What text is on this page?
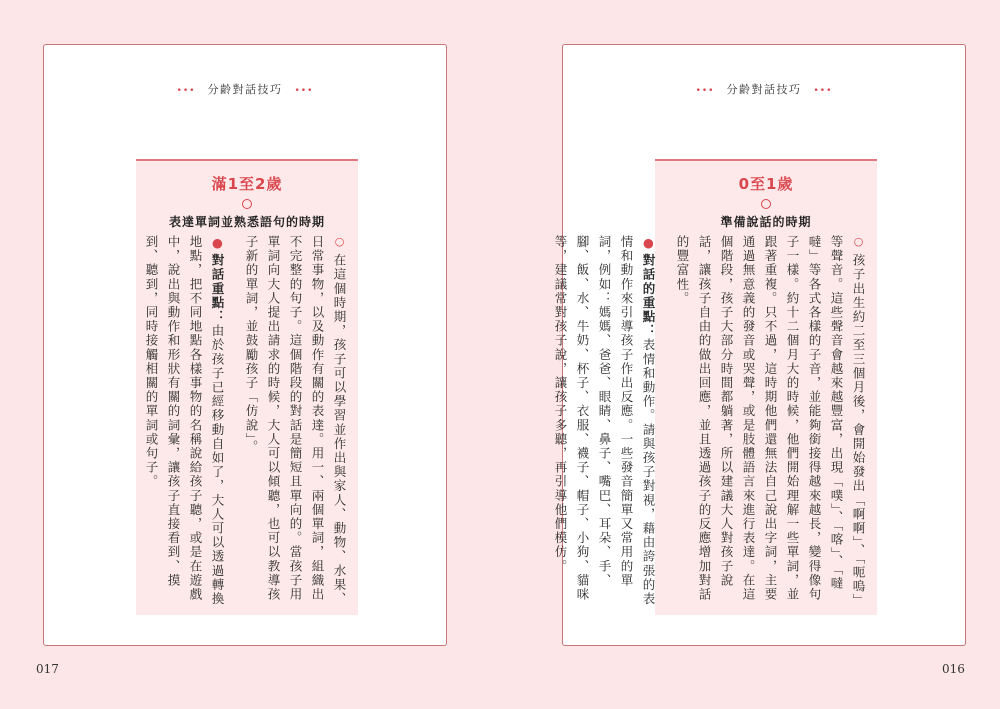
••• 分齡對話技巧 •••
滿1至2歲
表達單詞並熟悉語句的時期

○在這個時期，孩子可以學習並作出與家人、動物、水果、日常事物，以及動作有關的表達。用一、兩個單詞，組織出不完整的句子。這個階段的對話是簡短且單向的。當孩子用單詞向大人提出請求的時候，大人可以傾聽，也可以教導孩子新的單詞，並鼓勵孩子「仿說」。

●對話重點：由於孩子已經移動自如了，大人可以透過轉換地點，把不同地點各樣事物的名稱說給孩子聽，或是在遊戲中，說出與動作和形狀有關的詞彙，讓孩子直接看到、摸到、聽到，同時接觸相關的單詞或句子。

017
••• 分齡對話技巧 •••
0至1歲
準備說話的時期

○孩子出生約二至三個月後，會開始發出「啊啊」、「呃嗚」等聲音。這些聲音會越來越豐富，出現「噗」、「喀」、「噠噠」等各式各樣的子音，並能夠銜接得越來越長，變得像句子一樣。約十二個月大的時候，他們開始理解一些單詞，並跟著重複。只不過，這時期他們還無法自己說出字詞，主要通過無意義的發音或哭聲，或是肢體語言來進行表達。在這個階段，孩子大部分時間都躺著，所以建議大人對孩子說話，讓孩子自由的做出回應，並且透過孩子的反應增加對話的豐富性。

●對話的重點：表情和動作。請與孩子對視，藉由誇張的表情和動作來引導孩子作出反應。一些發音簡單又常用的單詞，例如：媽媽、爸爸、眼睛、鼻子、嘴巴、耳朵、手、腳、飯、水、牛奶、杯子、衣服、襪子、帽子、小狗、貓咪等，建議常對孩子說，讓孩子多聽，再引導他們模仿。

016
